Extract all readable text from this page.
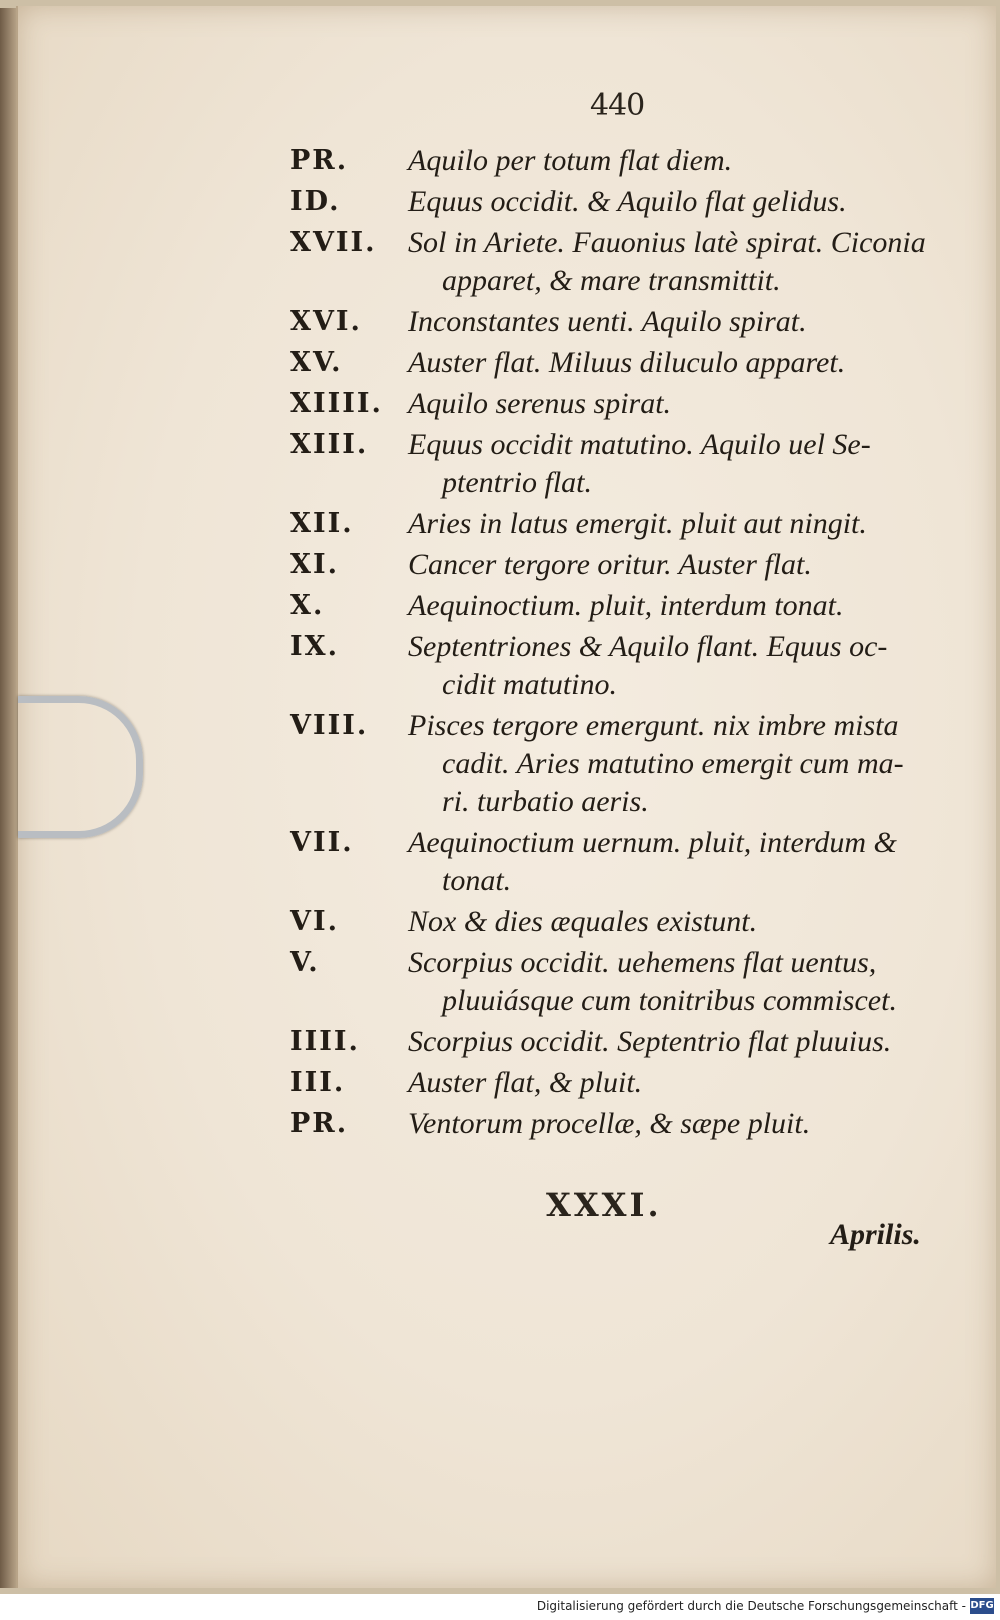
440
PR.	Aquilo per totum flat diem.
ID.	Equus occidit. & Aquilo flat gelidus.
XVII.	Sol in Ariete. Fauonius latè spirat. Ciconia
apparet, & mare transmittit.
XVI.	Inconstantes uenti. Aquilo spirat.
XV.	Auster flat. Miluus diluculo apparet.
XIIII. Aquilo serenus spirat.
XIII.	Equus occidit matutino. Aquilo uel Se-
ptentrio flat.
XII.	Aries in latus emergit. pluit aut ningit.
XI.	Cancer tergore oritur. Auster flat.
X.	Aequinoctium. pluit, interdum tonat.
IX.	Septentriones & Aquilo flant. Equus oc-
cidit matutino.
VIII.	Pisces tergore emergunt. nix imbre mista
cadit. Aries matutino emergit cum ma-
ri. turbatio aeris.
VII.	Aequinoctium uernum. pluit, interdum &
tonat.
VI.	Nox & dies æquales existunt.
V.	Scorpius occidit. uehemens flat uentus,
pluuiásque cum tonitribus commiscet.
IIII.	Scorpius occidit. Septentrio flat pluuius.
III.	Auster flat, & pluit.
PR.	Ventorum procellæ, & sæpe pluit.
XXXI.
Aprilis.
Digitalisierung gefördert durch die Deutsche Forschungsgemeinschaft - DFG
